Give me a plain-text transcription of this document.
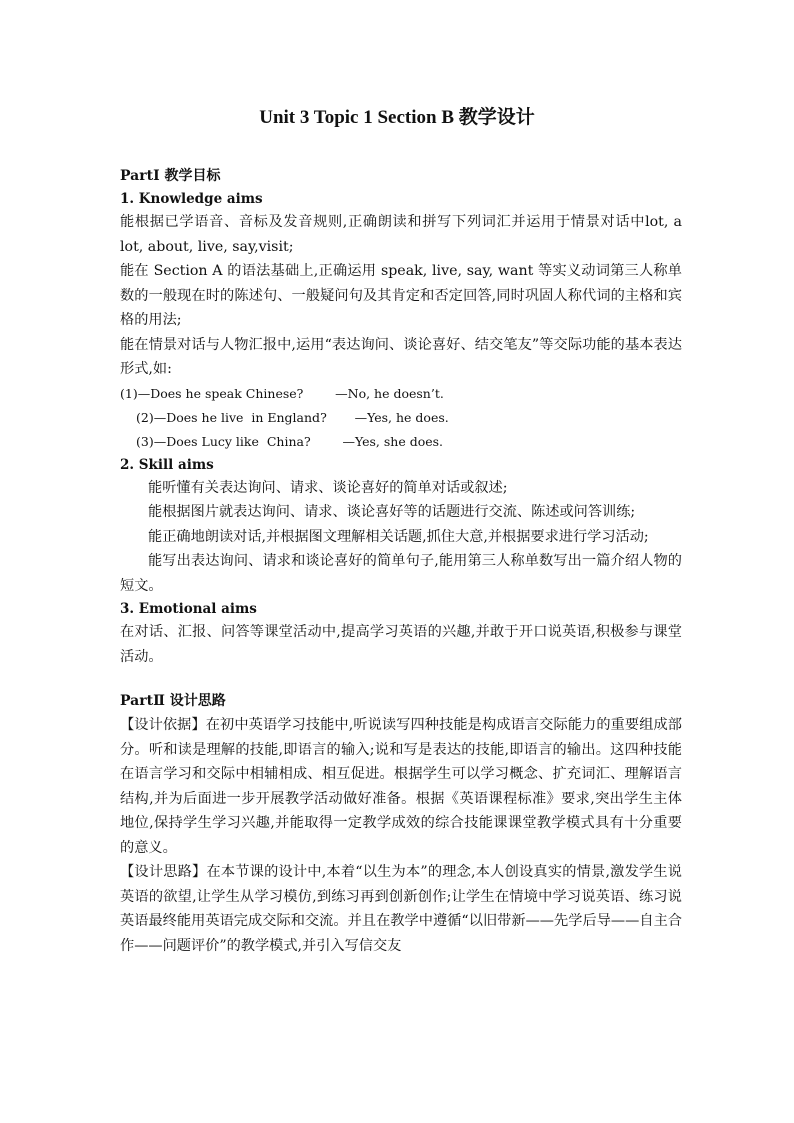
Unit 3 Topic 1 Section B 教学设计
PartⅠ 教学目标
1. Knowledge aims

能根据已学语音、音标及发音规则,正确朗读和拼写下列词汇并运用于情景对话中lot, a lot, about, live, say,visit;

能在 Section A 的语法基础上,正确运用 speak, live, say, want 等实义动词第三人称单数的一般现在时的陈述句、一般疑问句及其肯定和否定回答,同时巩固人称代词的主格和宾格的用法;

能在情景对话与人物汇报中,运用“表达询问、谈论喜好、结交笔友”等交际功能的基本表达形式,如:

(1)—Does he speak Chinese?        —No, he doesn’t.
(2)—Does he live  in England?       —Yes, he does.
(3)—Does Lucy like  China?        —Yes, she does.
2. Skill aims

能听懂有关表达询问、请求、谈论喜好的简单对话或叙述;

能根据图片就表达询问、请求、谈论喜好等的话题进行交流、陈述或问答训练;

能正确地朗读对话,并根据图文理解相关话题,抓住大意,并根据要求进行学习活动;

能写出表达询问、请求和谈论喜好的简单句子,能用第三人称单数写出一篇介绍人物的短文。

3. Emotional aims

在对话、汇报、问答等课堂活动中,提高学习英语的兴趣,并敢于开口说英语,积极参与课堂活动。

PartⅡ 设计思路

【设计依据】在初中英语学习技能中,听说读写四种技能是构成语言交际能力的重要组成部分。听和读是理解的技能,即语言的输入;说和写是表达的技能,即语言的输出。这四种技能在语言学习和交际中相辅相成、相互促进。根据学生可以学习概念、扩充词汇、理解语言结构,并为后面进一步开展教学活动做好准备。根据《英语课程标准》要求,突出学生主体地位,保持学生学习兴趣,并能取得一定教学成效的综合技能课课堂教学模式具有十分重要的意义。

【设计思路】在本节课的设计中,本着“以生为本”的理念,本人创设真实的情景,激发学生说英语的欲望,让学生从学习模仿,到练习再到创新创作;让学生在情境中学习说英语、练习说英语最终能用英语完成交际和交流。并且在教学中遵循“以旧带新——先学后导——自主合作——问题评价”的教学模式,并引入写信交友
